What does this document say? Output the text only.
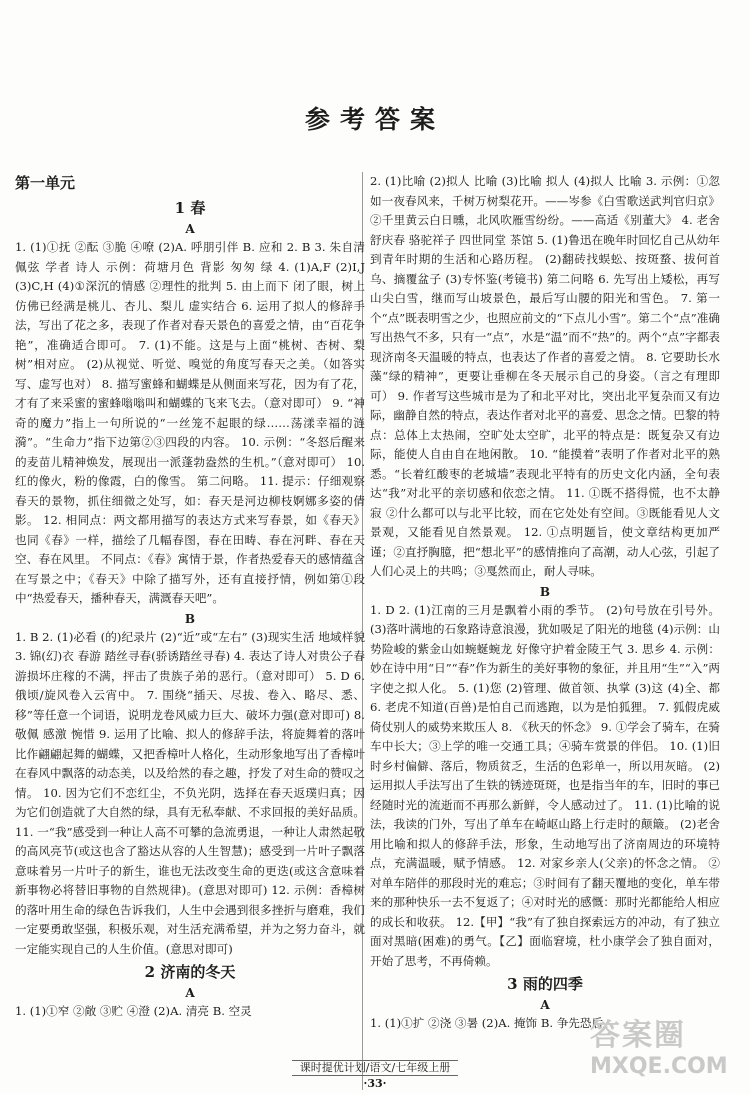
参考答案
第一单元
1 春
A

1. (1)①抚 ②酝 ③脆 ④嘹 (2)A. 呼朋引伴 B. 应和 2. B 3. 朱自清 佩弦 学者 诗人 示例：荷塘月色 背影 匆匆 绿 4. (1)A,F (2)I,J (3)C,H (4)①深沉的情感 ②理性的批判 5. 由上而下 闭了眼，树上仿佛已经满是桃儿、杏儿、梨儿 虚实结合 6. 运用了拟人的修辞手法，写出了花之多，表现了作者对春天景色的喜爱之情，由“百花争艳”，准确适合即可。 7. (1)不能。这是与上面“桃树、杏树、梨树”相对应。 (2)从视觉、听觉、嗅觉的角度写春天之美。（如答实写、虚写也对） 8. 描写蜜蜂和蝴蝶是从侧面来写花，因为有了花，才有了来采蜜的蜜蜂嗡嗡叫和蝴蝶的飞来飞去。（意对即可） 9. “神奇的魔力”指上一句所说的“一丝笼不起眼的绿……荡漾幸福的涟漪”。“生命力”指下边第②③四段的内容。 10. 示例：“冬怒后醒来的麦苗儿精神焕发，展现出一派蓬勃盎然的生机。”（意对即可） 10. 红的像火，粉的像霞，白的像雪。 第二问略。 11. 提示：仔细观察春天的景物，抓住细微之处写，如：春天是河边柳枝婀娜多姿的倩影。 12. 相同点：两文都用描写的表达方式来写春景，如《春天》也同《春》一样，描绘了几幅春图，春在田畴、春在河畔、春在天空、春在风里。 不同点：《春》寓情于景，作者热爱春天的感情蕴含在写景之中；《春天》中除了描写外，还有直接抒情，例如第①段中“热爱春天，播种春天，满溉春天吧”。

B

1. B 2. (1)必看 (的)纪录片 (2)“近”或“左右” (3)现实生活 地域样貌 3. 锦(幻)衣 春游 踏丝寻春(骄诱踏丝寻春) 4. 表达了诗人对贵公子春游损坏庄稼的不满，抨击了贵族子弟的恶行。（意对即可） 5. D 6. 俄顷/旋风卷入云宵中。 7. 围绕“插天、尽拔、卷入、略尽、悉、移”等任意一个词语，说明龙卷风威力巨大、破坏力强(意对即可) 8. 敬佩 感激 惋惜 9. 运用了比喻、拟人的修辞手法，将旋舞着的落叶比作翩翩起舞的蝴蝶，又把香樟叶人格化，生动形象地写出了香樟叶在春风中飘落的动态美，以及给然的春之趣，抒发了对生命的赞叹之情。 10. 因为它们不恋红尘，不负光阴，选择在春天返璞归真；因为它们创造就了大自然的绿，具有无私奉献、不求回报的美好品质。 11. 一“我”感受到一种让人高不可攀的急流勇退，一种让人肃然起敬的高风亮节(或这也含了豁达从容的人生智慧)；感受到一片叶子飘落意味着另一片叶子的新生，谁也无法改变生命的更迭(或这含意味着新事物必将替旧事物的自然规律)。(意思对即可) 12. 示例：香樟树的落叶用生命的绿色告诉我们，人生中会遇到很多挫折与磨难，我们一定要勇敢坚强，积极乐观，对生活充满希望，并为之努力奋斗，就一定能实现自己的人生价值。(意思对即可)

2 济南的冬天
A

1. (1)①窄 ②敞 ③贮 ④澄 (2)A. 清亮 B. 空灵

2. (1)比喻 (2)拟人 比喻 (3)比喻 拟人 (4)拟人 比喻 3. 示例：①忽如一夜春风来，千树万树梨花开。——岑参《白雪歌送武判官归京》 ②千里黄云白日曛，北风吹雁雪纷纷。——高适《别董大》 4. 老舍 舒庆春 骆驼祥子 四世同堂 茶馆 5. (1)鲁迅在晚年时回忆自己从幼年到青年时期的生活和心路历程。 (2)翻砖找蜈蚣、按斑蝥、拔何首乌、摘覆盆子 (3)专怀鉴(考镜书) 第二问略 6. 先写出上矮松，再写山尖白雪，继而写山坡景色，最后写山腰的阳光和雪色。 7. 第一个“点”既表明雪之少，也照应前文的“下点儿小雪”。第二个“点”准确写出热气不多，只有一“点”，水是“温”而不“热”的。两个“点”字都表现济南冬天温暖的特点，也表达了作者的喜爱之情。 8. 它要助长水藻“绿的精神”，更要让垂柳在冬天展示自己的身姿。（言之有理即可） 9. 作者写这些城市是为了和北平对比，突出北平复杂而又有边际，幽静自然的特点，表达作者对北平的喜爱、思念之情。巴黎的特点：总体上太热闹，空旷处太空旷，北平的特点是：既复杂又有边际，能使人自由自在地闲散。 10. “能摸着”表明了作者对北平的熟悉。“长着红酸枣的老城墙”表现北平特有的历史文化内涵，全句表达“我”对北平的亲切感和依恋之情。 11. ①既不搭得慌，也不太静寂 ②什么都可以与北平比较，而在它处处有空间。③既能看见人文景观，又能看见自然景观。 12. ①点明题旨，使文章结构更加严谨；②直抒胸臆，把“想北平”的感情推向了高潮，动人心弦，引起了人们心灵上的共鸣；③戛然而止，耐人寻味。

B

1. D 2. (1)江南的三月是飘着小雨的季节。 (2)句号放在引号外。 (3)落叶满地的石象路诗意浪漫，犹如吸足了阳光的地毯 (4)示例：山势险峻的紫金山如蜿蜒蜿龙 好像守护着金陵王气 3. 思乡 4. 示例：妙在诗中用“日”“春”作为新生的美好事物的象征，并且用“生”“入”两字使之拟人化。 5. (1)您 (2)管理、做首领、执掌 (3)这 (4)全、都 6. 老虎不知道(百兽)是怕自己而逃跑，以为是怕狐狸。 7. 狐假虎威 倚仗别人的威势来欺压人 8. 《秋天的怀念》 9. ①学会了骑车，在骑车中长大；③上学的唯一交通工具；④骑车赏景的伴侣。 10. (1)旧时乡村偏僻、落后，物质贫乏，生活的色彩单一，所以用灰暗。 (2)运用拟人手法写出了生铁的锈迹斑斑，也是指当年的车，旧时的事已经随时光的流逝而不再那么新鲜，令人感动过了。 11. (1)比喻的说法，我读的门外，写出了单车在崎岖山路上行走时的颠簸。 (2)老舍用比喻和拟人的修辞手法，形象，生动地写出了济南周边的环境特点，充满温暖，赋予情感。 12. 对家乡亲人(父亲)的怀念之情。 ②对单车陪伴的那段时光的难忘；③时间有了翻天覆地的变化，单车带来的那种快乐一去不复返了；④对时光的感慨：那时光都能给人相应的成长和收获。 12.【甲】“我”有了独自探索远方的冲动，有了独立面对黑暗(困难)的勇气。【乙】面临窘境，杜小康学会了独自面对，开始了思考，不再倚赖。

3 雨的四季
A

1. (1)①扩 ②浇 ③暑 (2)A. 掩饰 B. 争先恐后

课时提优计划/语文/七年级上册
·33·
答案圈
MXQE.COM
